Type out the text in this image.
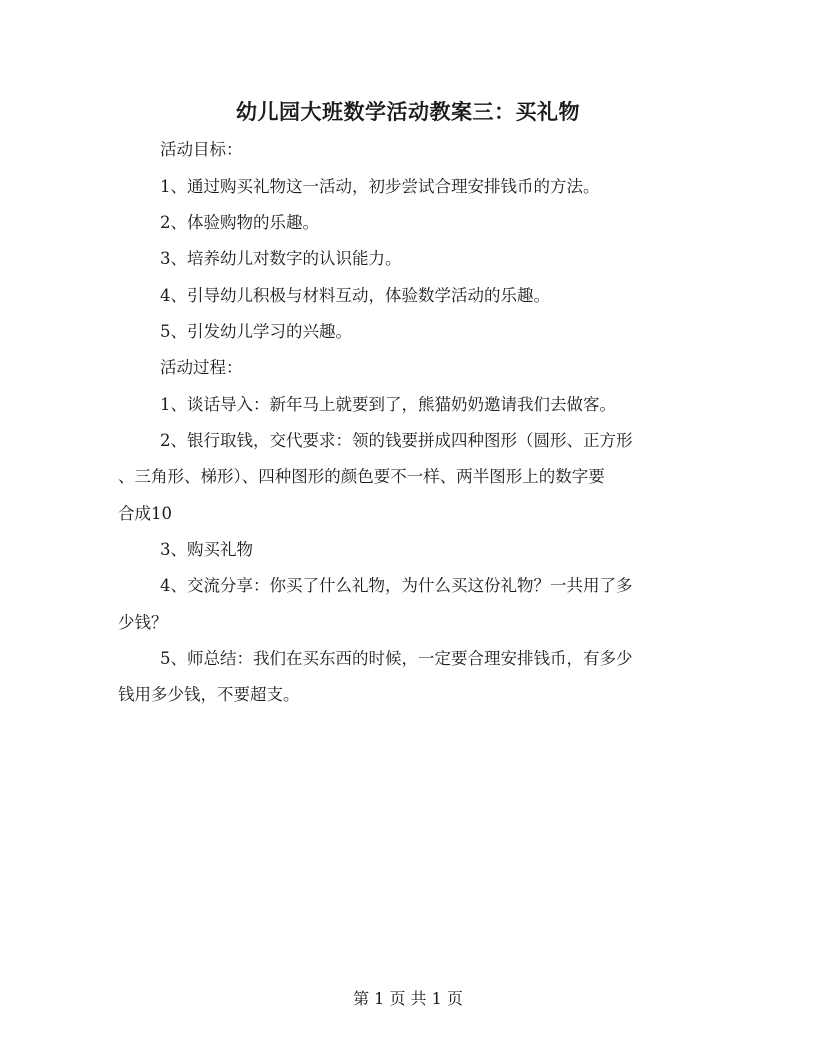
幼儿园大班数学活动教案三：买礼物
活动目标：
1、通过购买礼物这一活动，初步尝试合理安排钱币的方法。
2、体验购物的乐趣。
3、培养幼儿对数字的认识能力。
4、引导幼儿积极与材料互动，体验数学活动的乐趣。
5、引发幼儿学习的兴趣。
活动过程：
1、谈话导入：新年马上就要到了，熊猫奶奶邀请我们去做客。
2、银行取钱，交代要求：领的钱要拼成四种图形（圆形、正方形
、三角形、梯形）、四种图形的颜色要不一样、两半图形上的数字要
合成10
3、购买礼物
4、交流分享：你买了什么礼物，为什么买这份礼物？一共用了多
少钱？
5、师总结：我们在买东西的时候，一定要合理安排钱币，有多少
钱用多少钱，不要超支。
第 1 页 共 1 页
